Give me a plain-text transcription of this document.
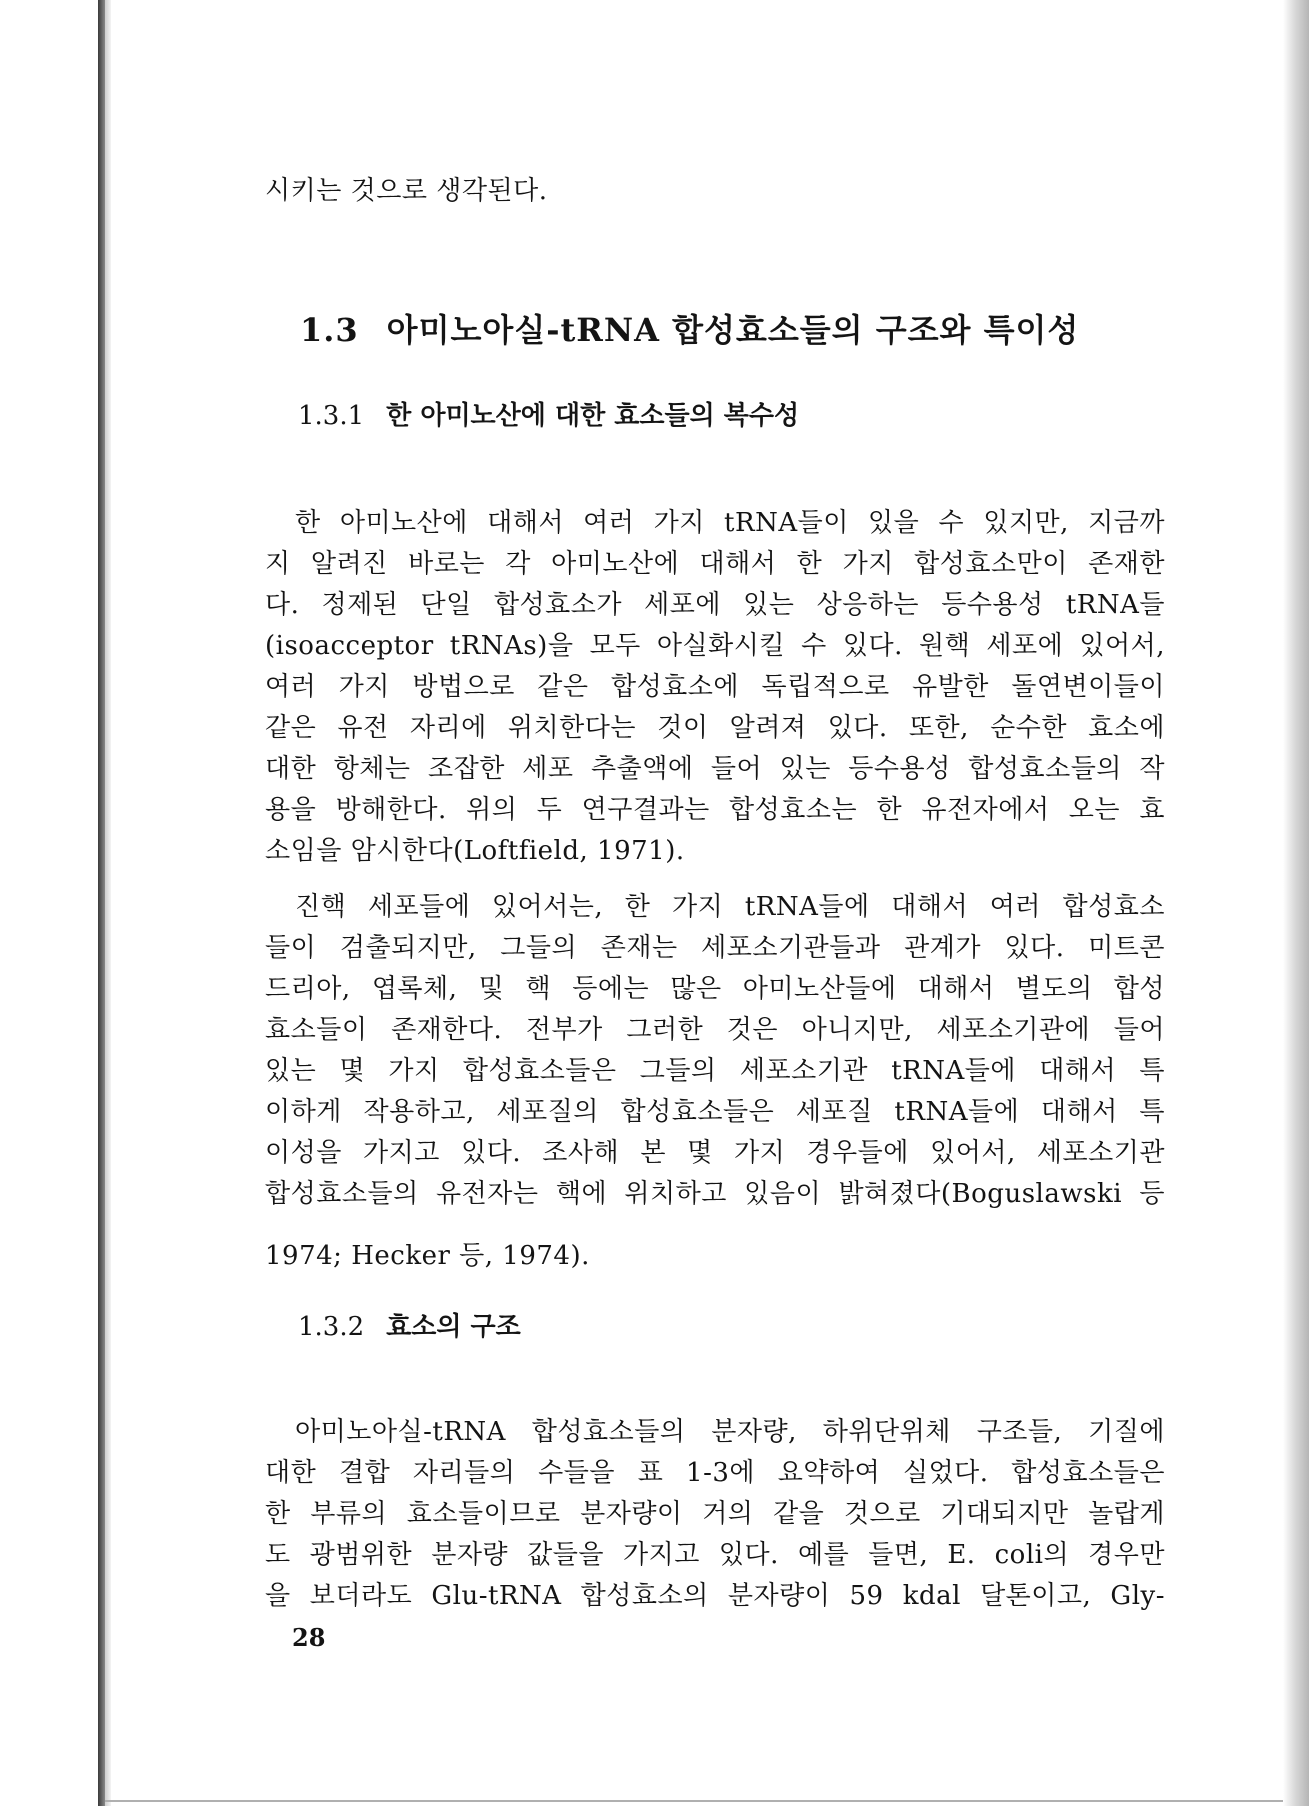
시키는 것으로 생각된다.

1.3 아미노아실-tRNA 합성효소들의 구조와 특이성
1.3.1 한 아미노산에 대한 효소들의 복수성

한 아미노산에 대해서 여러 가지 tRNA들이 있을 수 있지만, 지금까

지 알려진 바로는 각 아미노산에 대해서 한 가지 합성효소만이 존재한

다. 정제된 단일 합성효소가 세포에 있는 상응하는 등수용성 tRNA들

(isoacceptor tRNAs)을 모두 아실화시킬 수 있다. 원핵 세포에 있어서,

여러 가지 방법으로 같은 합성효소에 독립적으로 유발한 돌연변이들이

같은 유전 자리에 위치한다는 것이 알려져 있다. 또한, 순수한 효소에

대한 항체는 조잡한 세포 추출액에 들어 있는 등수용성 합성효소들의 작

용을 방해한다. 위의 두 연구결과는 합성효소는 한 유전자에서 오는 효

소임을 암시한다(Loftfield, 1971).

진핵 세포들에 있어서는, 한 가지 tRNA들에 대해서 여러 합성효소

들이 검출되지만, 그들의 존재는 세포소기관들과 관계가 있다. 미트콘

드리아, 엽록체, 및 핵 등에는 많은 아미노산들에 대해서 별도의 합성

효소들이 존재한다. 전부가 그러한 것은 아니지만, 세포소기관에 들어

있는 몇 가지 합성효소들은 그들의 세포소기관 tRNA들에 대해서 특

이하게 작용하고, 세포질의 합성효소들은 세포질 tRNA들에 대해서 특

이성을 가지고 있다. 조사해 본 몇 가지 경우들에 있어서, 세포소기관

합성효소들의 유전자는 핵에 위치하고 있음이 밝혀졌다(Boguslawski 등

1974; Hecker 등, 1974).

1.3.2 효소의 구조

아미노아실-tRNA 합성효소들의 분자량, 하위단위체 구조들, 기질에

대한 결합 자리들의 수들을 표 1-3에 요약하여 실었다. 합성효소들은

한 부류의 효소들이므로 분자량이 거의 같을 것으로 기대되지만 놀랍게

도 광범위한 분자량 값들을 가지고 있다. 예를 들면, E. coli의 경우만

을 보더라도 Glu-tRNA 합성효소의 분자량이 59 kdal 달톤이고, Gly-

28
